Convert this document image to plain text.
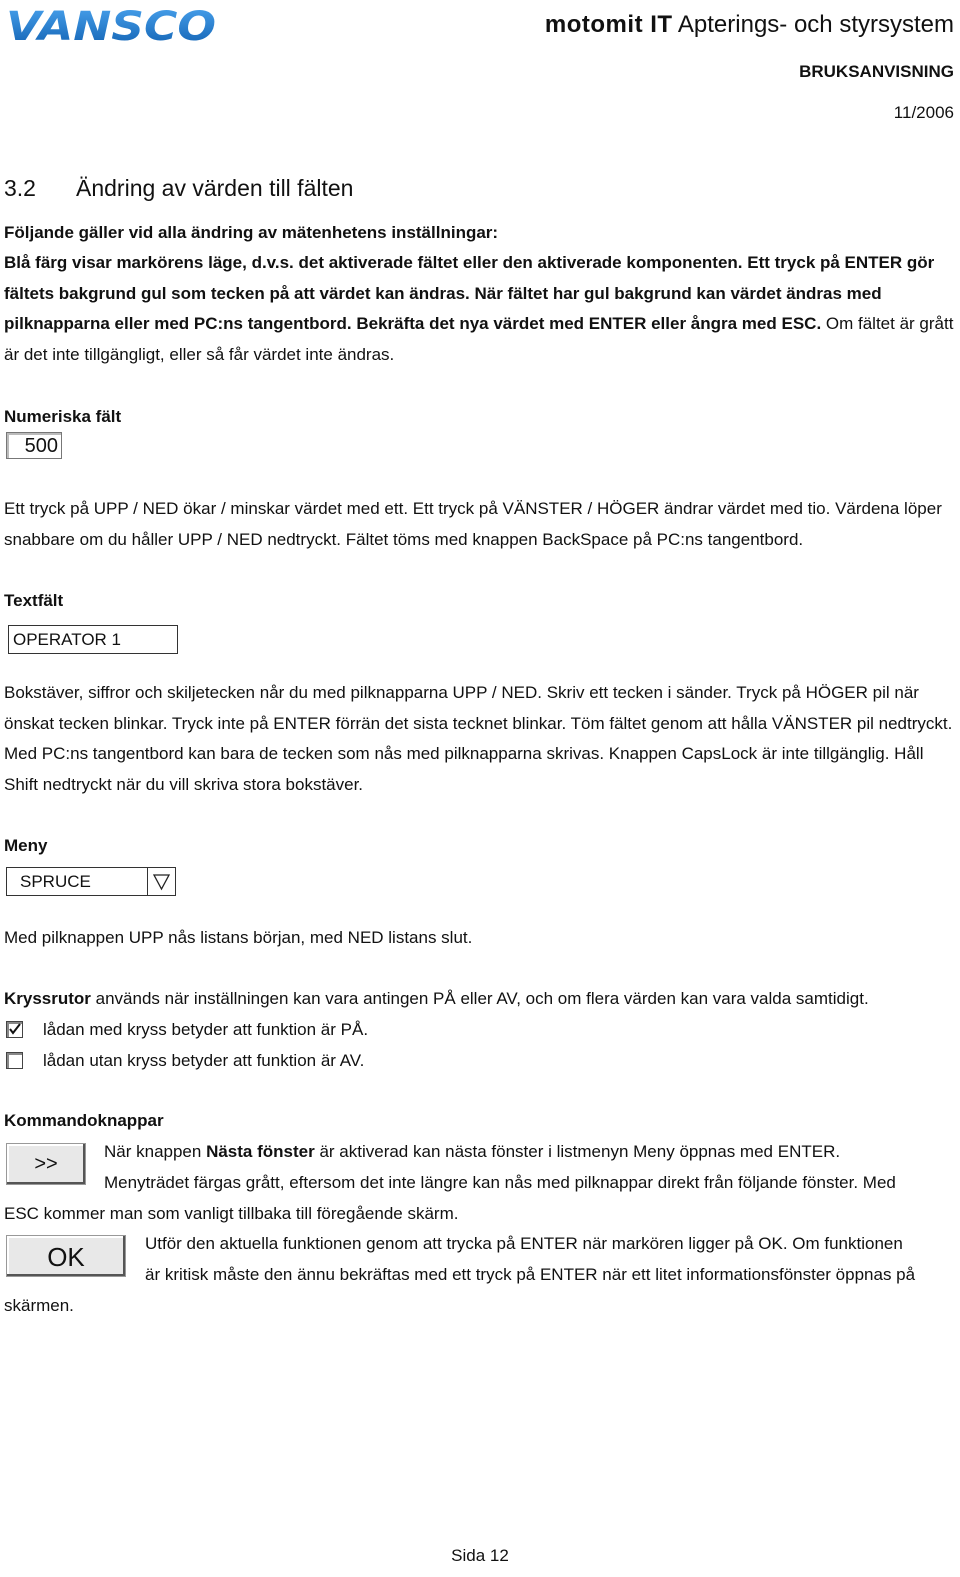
VANSCO	motomit IT Apterings- och styrsystem
BRUKSANVISNING
11/2006
3.2 Ändring av värden till fälten
Följande gäller vid alla ändring av mätenhetens inställningar:
Blå färg visar markörens läge, d.v.s. det aktiverade fältet eller den aktiverade komponenten. Ett tryck på ENTER gör fältets bakgrund gul som tecken på att värdet kan ändras. När fältet har gul bakgrund kan värdet ändras med pilknapparna eller med PC:ns tangentbord. Bekräfta det nya värdet med ENTER eller ångra med ESC. Om fältet är grått är det inte tillgängligt, eller så får värdet inte ändras.
Numeriska fält
500
Ett tryck på UPP / NED ökar / minskar värdet med ett. Ett tryck på VÄNSTER / HÖGER ändrar värdet med tio. Värdena löper snabbare om du håller UPP / NED nedtryckt. Fältet töms med knappen BackSpace på PC:ns tangentbord.
Textfält
OPERATOR 1
Bokstäver, siffror och skiljetecken når du med pilknapparna UPP / NED. Skriv ett tecken i sänder. Tryck på HÖGER pil när önskat tecken blinkar. Tryck inte på ENTER förrän det sista tecknet blinkar. Töm fältet genom att hålla VÄNSTER pil nedtryckt. Med PC:ns tangentbord kan bara de tecken som nås med pilknapparna skrivas. Knappen CapsLock är inte tillgänglig. Håll Shift nedtryckt när du vill skriva stora bokstäver.
Meny
SPRUCE
Med pilknappen UPP nås listans början, med NED listans slut.
Kryssrutor används när inställningen kan vara antingen PÅ eller AV, och om flera värden kan vara valda samtidigt.
lådan med kryss betyder att funktion är PÅ.
lådan utan kryss betyder att funktion är AV.
Kommandoknappar
>>
När knappen Nästa fönster är aktiverad kan nästa fönster i listmenyn Meny öppnas med ENTER.
Menyträdet färgas grått, eftersom det inte längre kan nås med pilknappar direkt från följande fönster. Med
ESC kommer man som vanligt tillbaka till föregående skärm.
OK	Utför den aktuella funktionen genom att trycka på ENTER när markören ligger på OK. Om funktionen
är kritisk måste den ännu bekräftas med ett tryck på ENTER när ett litet informationsfönster öppnas på
skärmen.
Sida 12
